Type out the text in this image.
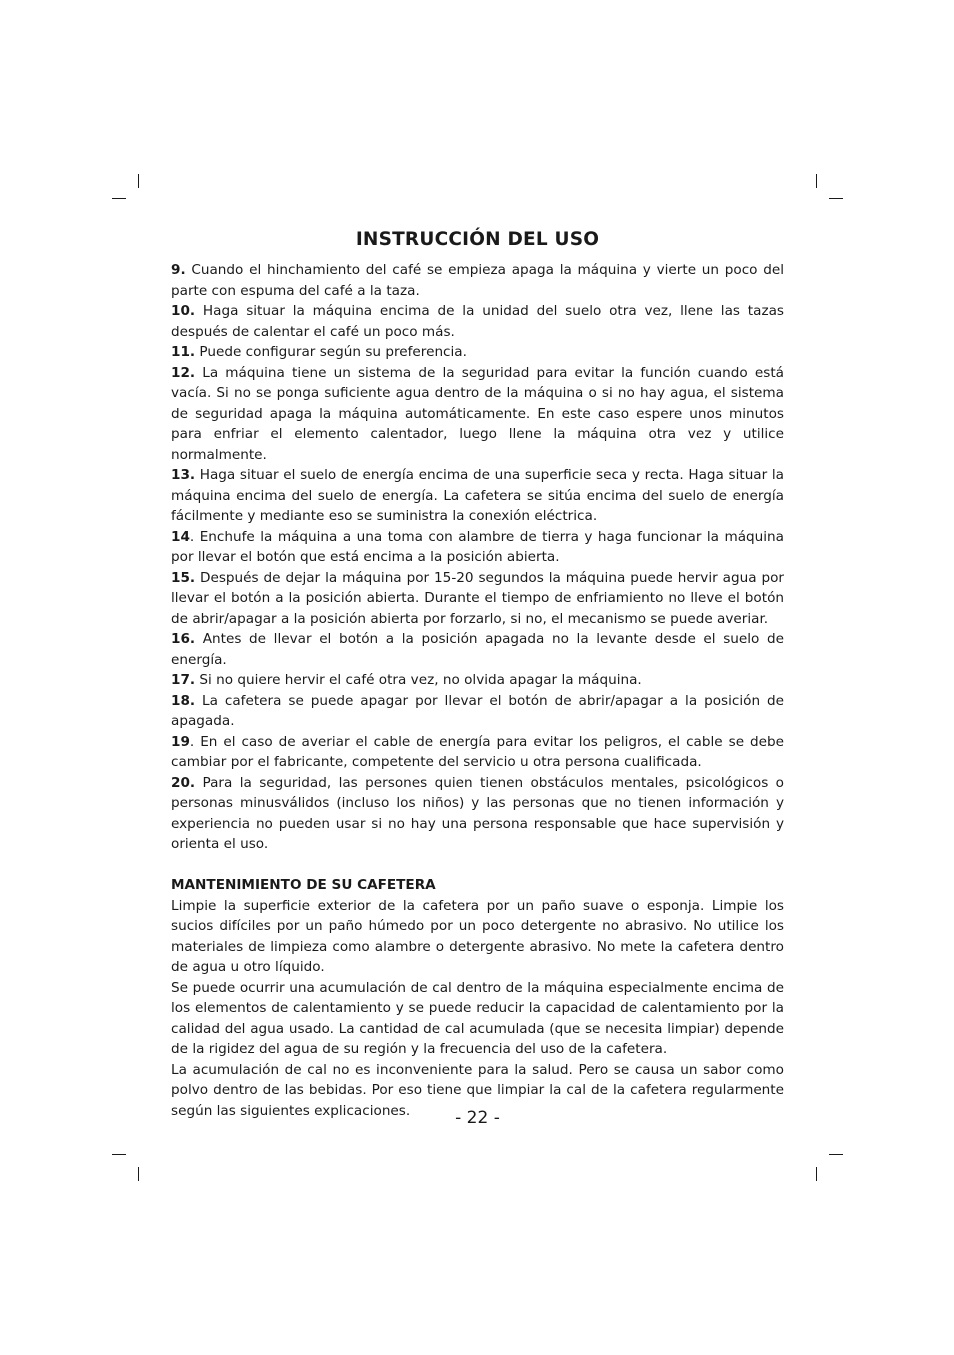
INSTRUCCIÓN DEL USO

9. Cuando el hinchamiento del café se empieza apaga la máquina y vierte un poco del parte con espuma del café a la taza.

10. Haga situar la máquina encima de la unidad del suelo otra vez, llene las tazas después de calentar el café un poco más.

11. Puede configurar según su preferencia.

12. La máquina tiene un sistema de la seguridad para evitar la función cuando está vacía. Si no se ponga suficiente agua dentro de la máquina o si no hay agua, el sistema de seguridad apaga la máquina automáticamente. En este caso espere unos minutos para enfriar el elemento calentador, luego llene la máquina otra vez y utilice normalmente.

13. Haga situar el suelo de energía encima de una superficie seca y recta. Haga situar la máquina encima del suelo de energía. La cafetera se sitúa encima del suelo de energía fácilmente y mediante eso se suministra la conexión eléctrica.

14. Enchufe la máquina a una toma con alambre de tierra y haga funcionar la máquina por llevar el botón que está encima a la posición abierta.

15. Después de dejar la máquina por 15-20 segundos la máquina puede hervir agua por llevar el botón a la posición abierta. Durante el tiempo de enfriamiento no lleve el botón de abrir/apagar a la posición abierta por forzarlo, si no, el mecanismo se puede averiar.

16. Antes de llevar el botón a la posición apagada no la levante desde el suelo de energía.

17. Si no quiere hervir el café otra vez, no olvida apagar la máquina.

18. La cafetera se puede apagar por llevar el botón de abrir/apagar a la posición de apagada.

19. En el caso de averiar el cable de energía para evitar los peligros, el cable se debe cambiar por el fabricante, competente del servicio u otra persona cualificada.

20. Para la seguridad, las persones quien tienen obstáculos mentales, psicológicos o personas minusválidos (incluso los niños) y las personas que no tienen información y experiencia no pueden usar si no hay una persona responsable que hace supervisión y orienta el uso.

MANTENIMIENTO DE SU CAFETERA

Limpie la superficie exterior de la cafetera por un paño suave o esponja. Limpie los sucios difíciles por un paño húmedo por un poco detergente no abrasivo. No utilice los materiales de limpieza como alambre o detergente abrasivo. No mete la cafetera dentro de agua u otro líquido.

Se puede ocurrir una acumulación de cal dentro de la máquina especialmente encima de los elementos de calentamiento y se puede reducir la capacidad de calentamiento por la calidad del agua usado. La cantidad de cal acumulada (que se necesita limpiar) depende de la rigidez del agua de su región y la frecuencia del uso de la cafetera.

La acumulación de cal no es inconveniente para la salud. Pero se causa un sabor como polvo dentro de las bebidas. Por eso tiene que limpiar la cal de la cafetera regularmente según las siguientes explicaciones.	- 22 -
